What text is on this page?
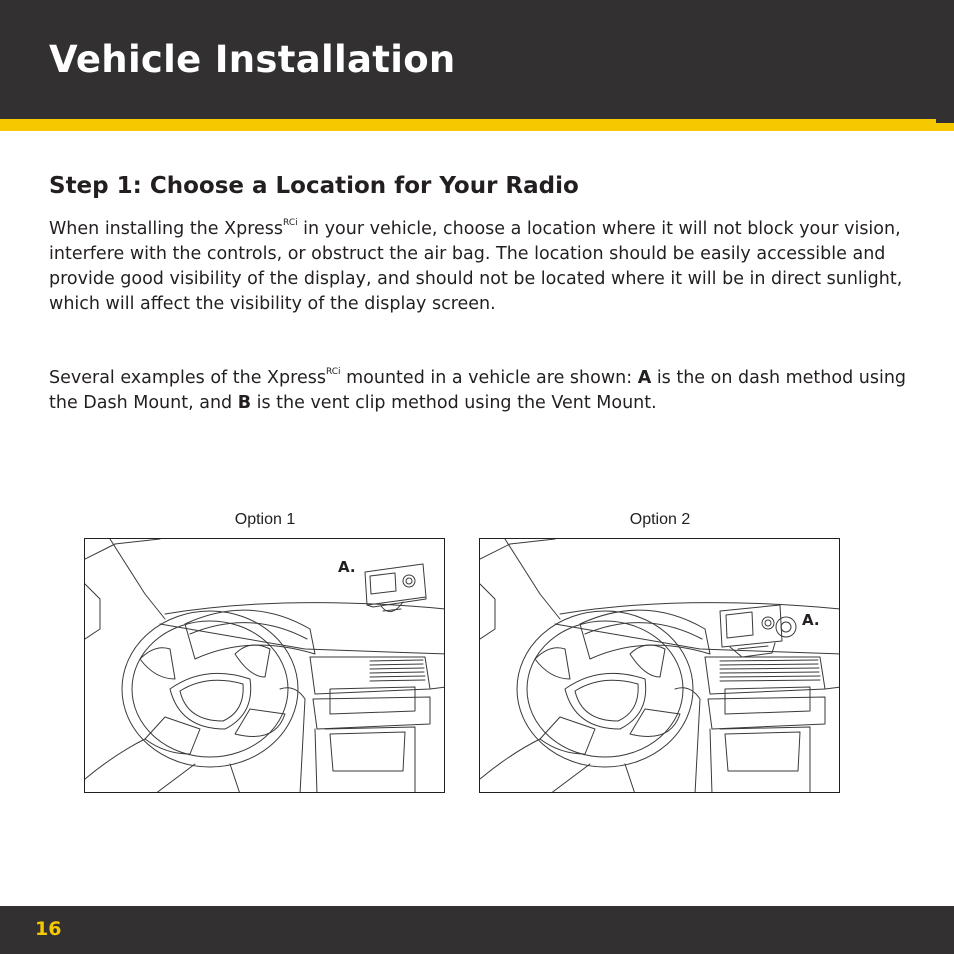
Vehicle Installation
Step 1: Choose a Location for Your Radio

When installing the Xpress$^{RCi}$ in your vehicle, choose a location where it will not block your vision, interfere with the controls, or obstruct the air bag. The location should be easily accessible and provide good visibility of the display, and should not be located where it will be in direct sunlight, which will affect the visibility of the display screen.

Several examples of the Xpress$^{RCi}$ mounted in a vehicle are shown: A is the on dash method using the Dash Mount, and B is the vent clip method using the Vent Mount.

Option 1	Option 2
A.
A.
16
